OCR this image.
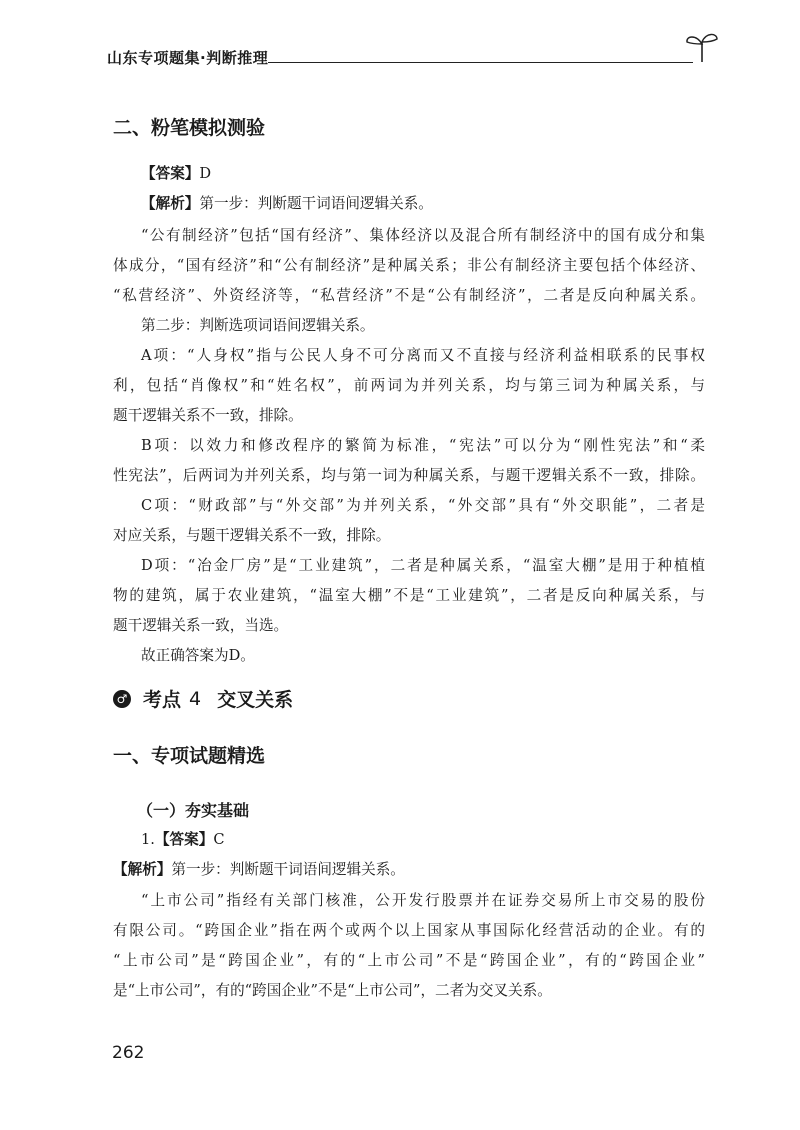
山东专项题集·判断推理
二、粉笔模拟测验
【答案】D
【解析】第一步：判断题干词语间逻辑关系。
“公有制经济”包括“国有经济”、集体经济以及混合所有制经济中的国有成分和集
体成分，“国有经济”和“公有制经济”是种属关系；非公有制经济主要包括个体经济、
“私营经济”、外资经济等，“私营经济”不是“公有制经济”，二者是反向种属关系。
第二步：判断选项词语间逻辑关系。
A项：“人身权”指与公民人身不可分离而又不直接与经济利益相联系的民事权
利，包括“肖像权”和“姓名权”，前两词为并列关系，均与第三词为种属关系，与
题干逻辑关系不一致，排除。
B项：以效力和修改程序的繁简为标准，“宪法”可以分为“刚性宪法”和“柔
性宪法”，后两词为并列关系，均与第一词为种属关系，与题干逻辑关系不一致，排除。
C项：“财政部”与“外交部”为并列关系，“外交部”具有“外交职能”，二者是
对应关系，与题干逻辑关系不一致，排除。
D项：“冶金厂房”是“工业建筑”，二者是种属关系，“温室大棚”是用于种植植
物的建筑，属于农业建筑，“温室大棚”不是“工业建筑”，二者是反向种属关系，与
题干逻辑关系一致，当选。
故正确答案为D。
♂ 考点 4 交叉关系
一、专项试题精选
（一）夯实基础
1.【答案】C
【解析】第一步：判断题干词语间逻辑关系。
“上市公司”指经有关部门核准，公开发行股票并在证券交易所上市交易的股份
有限公司。“跨国企业”指在两个或两个以上国家从事国际化经营活动的企业。有的
“上市公司”是“跨国企业”，有的“上市公司”不是“跨国企业”，有的“跨国企业”
是“上市公司”，有的“跨国企业”不是“上市公司”，二者为交叉关系。
262
